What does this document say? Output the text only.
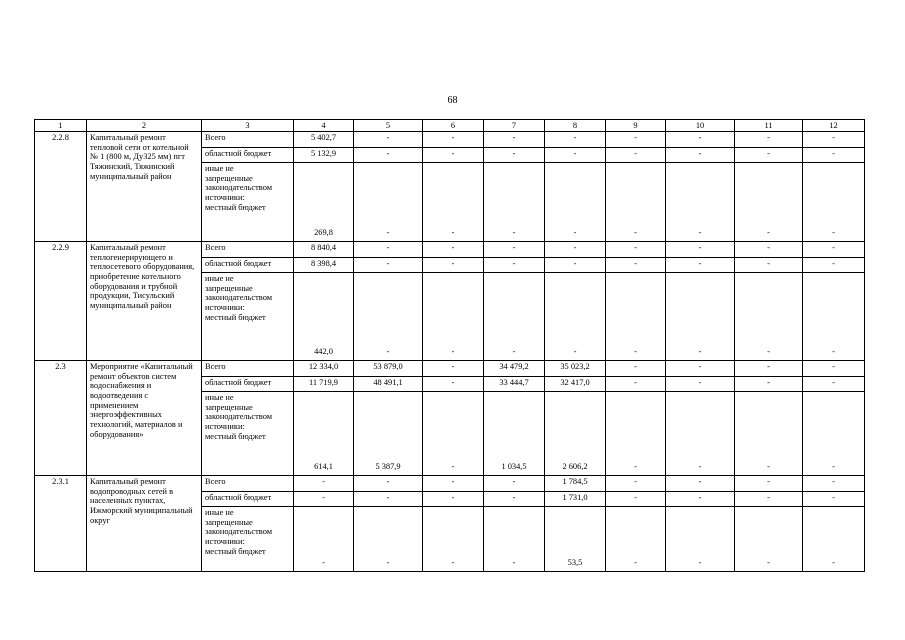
68
1	2	3	4	5	6	7	8	9	10	11	12
2.2.8	Капитальный ремонт тепловой сети от котельной № 1 (800 м, Ду325 мм) пгт Тяжинский, Тяжинский муниципальный район	Всего	5 402,7	-	-	-	-	-	-	-	-
		областной бюджет	5 132,9	-	-	-	-	-	-	-	-

		иные не
запрещенные
законодательством
источники:
местный бюджет	269,8	-	-	-	-	-	-	-	-
2.2.9	Капитальный ремонт теплогенерирующего и теплосетевого оборудования, приобретение котельного оборудования и трубной продукции, Тисульский муниципальный район	Всего	8 840,4	-	-	-	-	-	-	-	-
		областной бюджет	8 398,4	-	-	-	-	-	-	-	-

		иные не
запрещенные
законодательством
источники:
местный бюджет	442,0	-	-	-	-	-	-	-	-
2.3	Мероприятие «Капитальный ремонт объектов систем водоснабжения и водоотведения с применением энергоэффективных технологий, материалов и оборудования»	Всего	12 334,0	53 879,0	-	34 479,2	35 023,2	-	-	-	-
		областной бюджет	11 719,9	48 491,1	-	33 444,7	32 417,0	-	-	-	-

		иные не
запрещенные
законодательством
источники:
местный бюджет	614,1	5 387,9	-	1 034,5	2 606,2	-	-	-	-
2.3.1	Капитальный ремонт водопроводных сетей в населенных пунктах, Ижморский муниципальный округ	Всего	-	-	-	-	1 784,5	-	-	-	-
		областной бюджет	-	-	-	-	1 731,0	-	-	-	-

		иные не
запрещенные
законодательством
источники:
местный бюджет	-	-	-	-	53,5	-	-	-	-
